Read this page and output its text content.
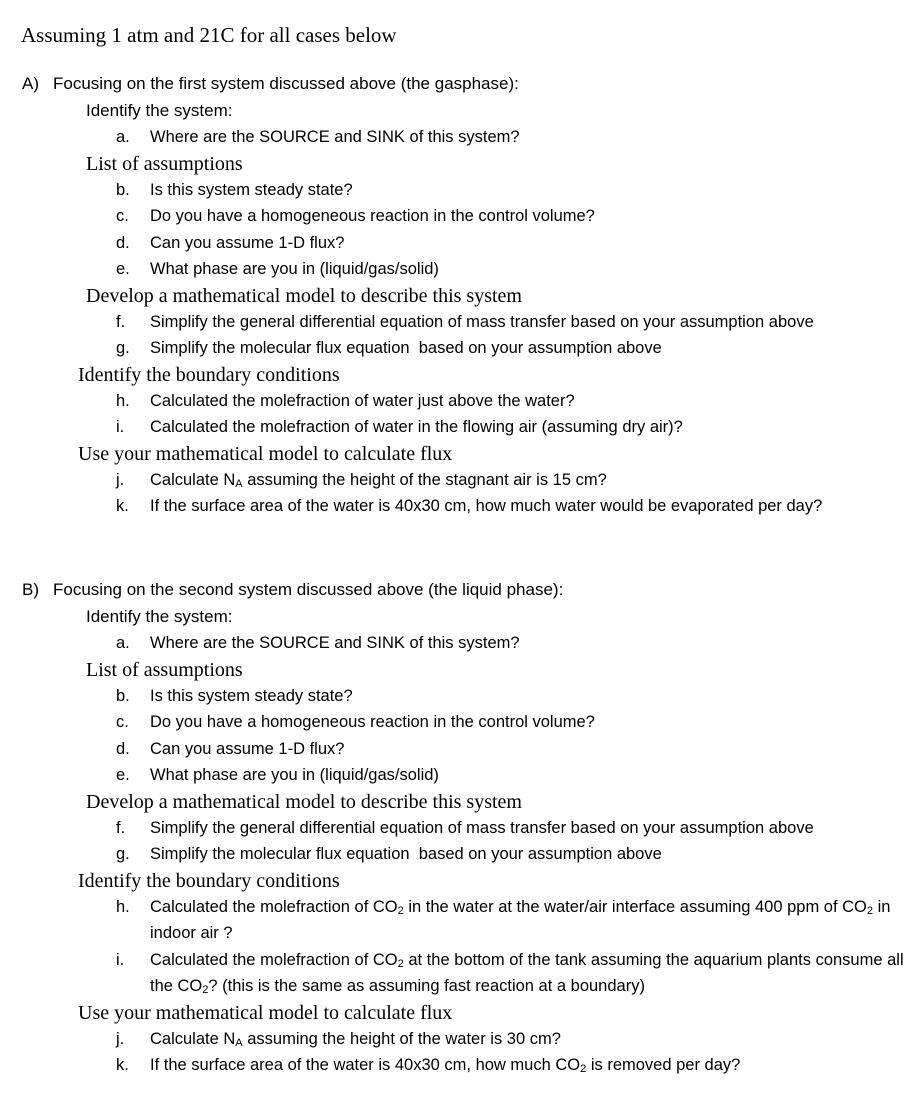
Assuming 1 atm and 21C for all cases below
A) Focusing on the first system discussed above (the gasphase):
Identify the system:
a.	Where are the SOURCE and SINK of this system?
List of assumptions
b.	Is this system steady state?
c.	Do you have a homogeneous reaction in the control volume?
d.	Can you assume 1-D flux?
e.	What phase are you in (liquid/gas/solid)
Develop a mathematical model to describe this system
f.	Simplify the general differential equation of mass transfer based on your assumption above
g.	Simplify the molecular flux equation  based on your assumption above
Identify the boundary conditions
h.	Calculated the molefraction of water just above the water?
i.	Calculated the molefraction of water in the flowing air (assuming dry air)?
Use your mathematical model to calculate flux
j.	Calculate $N_A$ assuming the height of the stagnant air is 15 cm?
k.	If the surface area of the water is 40x30 cm, how much water would be evaporated per day?
B) Focusing on the second system discussed above (the liquid phase):
Identify the system:
a.	Where are the SOURCE and SINK of this system?
List of assumptions
b.	Is this system steady state?
c.	Do you have a homogeneous reaction in the control volume?
d.	Can you assume 1-D flux?
e.	What phase are you in (liquid/gas/solid)
Develop a mathematical model to describe this system
f.	Simplify the general differential equation of mass transfer based on your assumption above
g.	Simplify the molecular flux equation  based on your assumption above
Identify the boundary conditions
h.	Calculated the molefraction of $CO_2$ in the water at the water/air interface assuming 400 ppm of $CO_2$ in indoor air ?
i.	Calculated the molefraction of $CO_2$ at the bottom of the tank assuming the aquarium plants consume all the $CO_2$? (this is the same as assuming fast reaction at a boundary)
Use your mathematical model to calculate flux
j.	Calculate $N_A$ assuming the height of the water is 30 cm?
k.	If the surface area of the water is 40x30 cm, how much $CO_2$ is removed per day?
